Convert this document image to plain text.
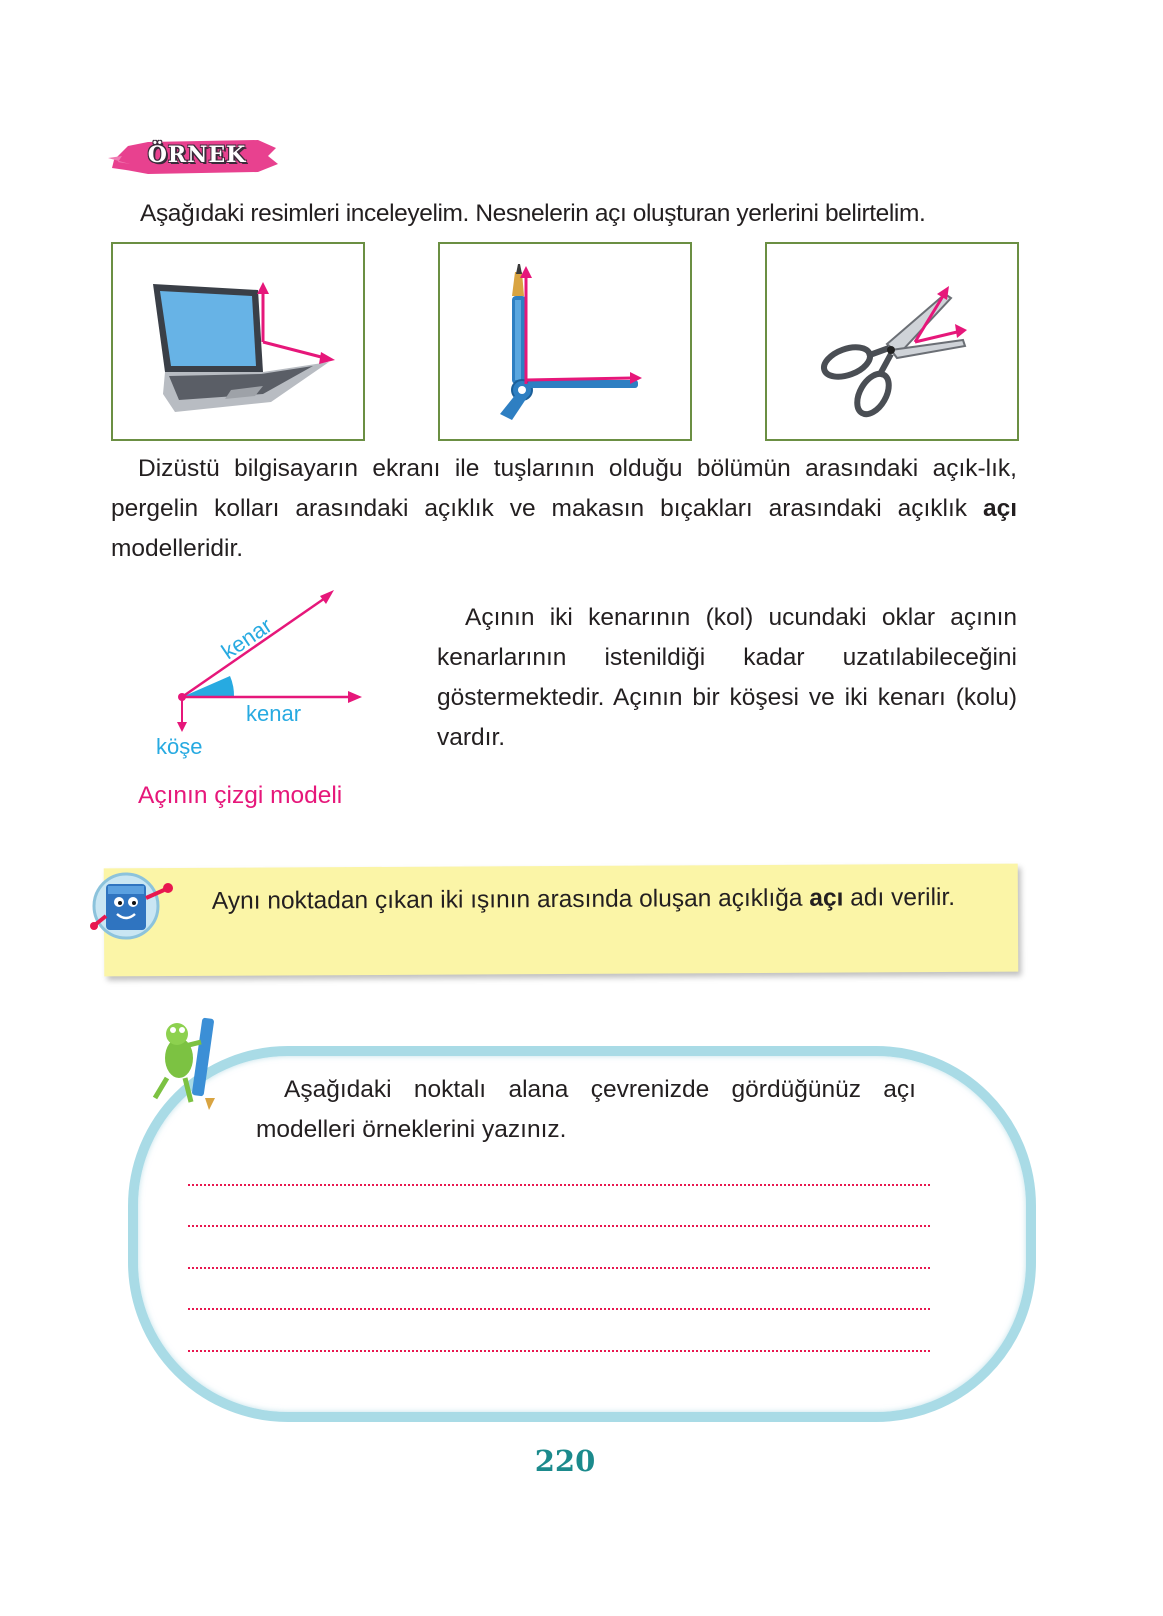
ÖRNEK
Aşağıdaki resimleri inceleyelim. Nesnelerin açı oluşturan yerlerini belirtelim.
Dizüstü bilgisayarın ekranı ile tuşlarının olduğu bölümün arasındaki açık-lık, pergelin kolları arasındaki açıklık ve makasın bıçakları arasındaki açıklık açı modelleridir.
kenar
kenar
köşe
Açının çizgi modeli
Açının iki kenarının (kol) ucundaki oklar açının kenarlarının istenildiği kadar uzatılabileceğini göstermektedir. Açının bir köşesi ve iki kenarı (kolu) vardır.
Aynı noktadan çıkan iki ışının arasında oluşan açıklığa açı adı verilir.
Aşağıdaki noktalı alana çevrenizde gördüğünüz açı modelleri örneklerini yazınız.
220
